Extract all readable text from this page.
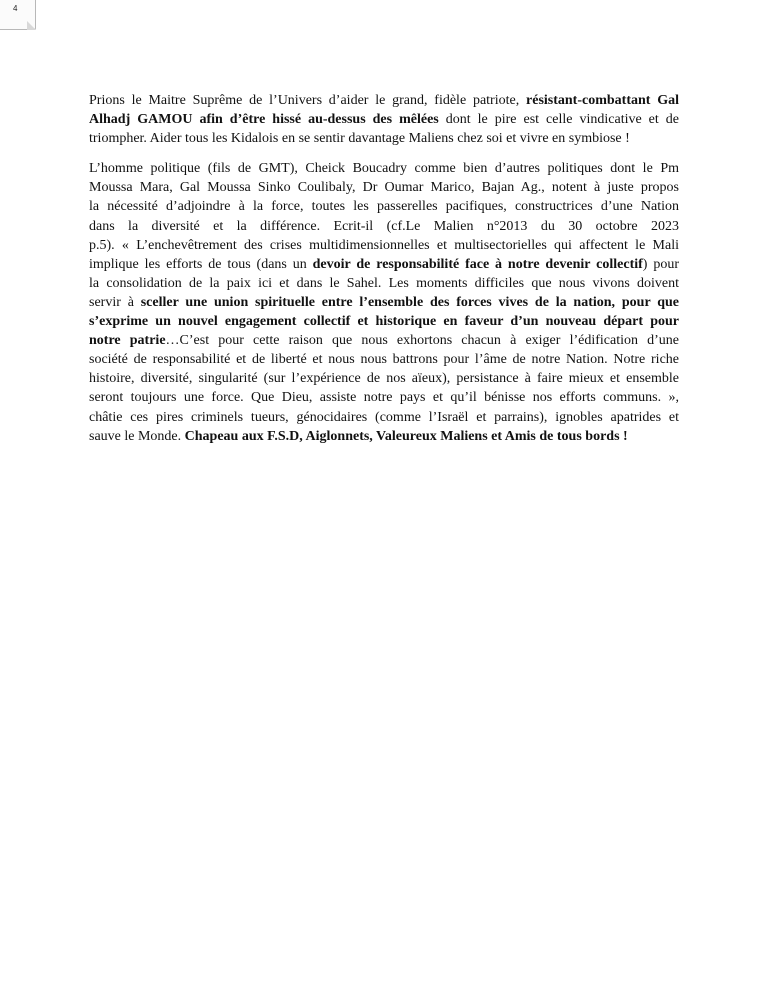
4
Prions le Maitre Suprême de l’Univers d’aider le grand, fidèle patriote, résistant-combattant Gal
Alhadj GAMOU afin d’être hissé au-dessus des mêlées dont le pire est celle vindicative et de
triompher. Aider tous les Kidalois en se sentir davantage Maliens chez soi et vivre en symbiose !
L’homme politique (fils de GMT), Cheick Boucadry comme bien d’autres politiques dont le Pm
Moussa Mara, Gal Moussa Sinko Coulibaly, Dr Oumar Marico, Bajan Ag., notent à juste propos
la nécessité d’adjoindre à la force, toutes les passerelles pacifiques, constructrices d’une Nation
dans la diversité et la différence. Ecrit-il (cf.Le Malien n°2013 du 30 octobre 2023
p.5). « L’enchevêtrement des crises multidimensionnelles et multisectorielles qui affectent le Mali
implique les efforts de tous (dans un devoir de responsabilité face à notre devenir collectif) pour
la consolidation de la paix ici et dans le Sahel. Les moments difficiles que nous vivons doivent
servir à sceller une union spirituelle entre l’ensemble des forces vives de la nation, pour que
s’exprime un nouvel engagement collectif et historique en faveur d’un nouveau départ pour
notre patrie…C’est pour cette raison que nous exhortons chacun à exiger l’édification d’une
société de responsabilité et de liberté et nous nous battrons pour l’âme de notre Nation. Notre riche
histoire, diversité, singularité (sur l’expérience de nos aïeux), persistance à faire mieux et ensemble
seront toujours une force. Que Dieu, assiste notre pays et qu’il bénisse nos efforts communs. »,
châtie ces pires criminels tueurs, génocidaires (comme l’Israël et parrains), ignobles apatrides et
sauve le Monde. Chapeau aux F.S.D, Aiglonnets, Valeureux Maliens et Amis de tous bords !
